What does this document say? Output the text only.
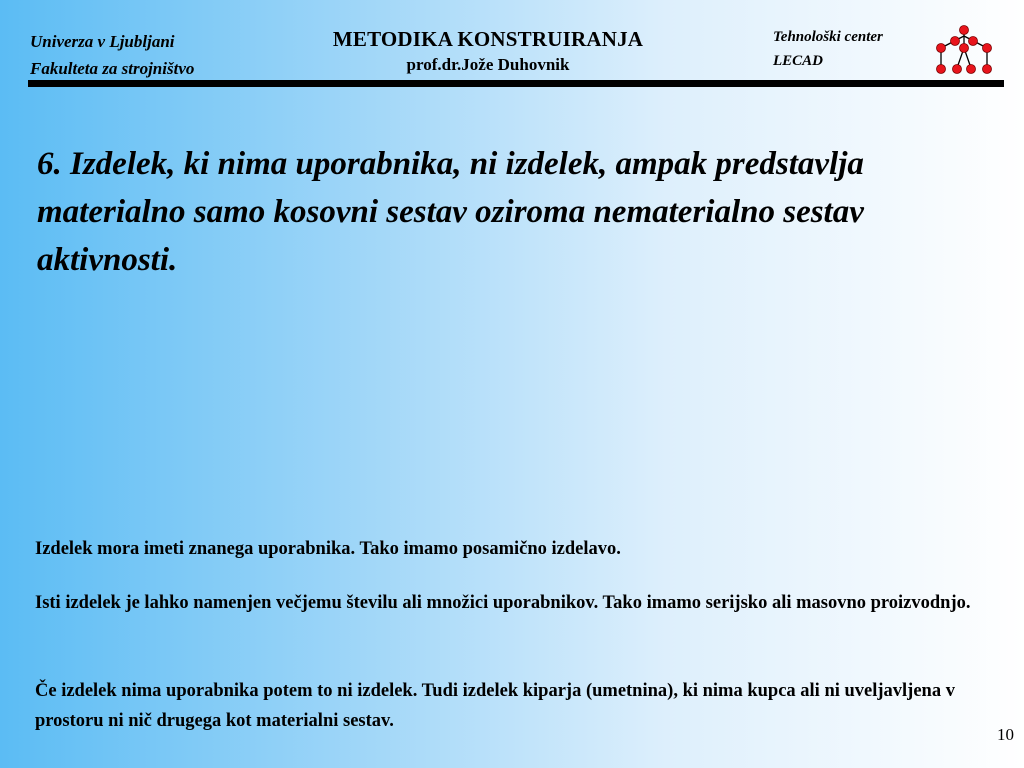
Univerza v Ljubljani
Fakulteta za strojništvo
METODIKA KONSTRUIRANJA
prof.dr.Jože Duhovnik
Tehnološki center
LECAD
6. Izdelek, ki nima uporabnika, ni izdelek, ampak predstavlja materialno samo kosovni sestav oziroma nematerialno sestav aktivnosti.
Izdelek mora imeti znanega uporabnika. Tako imamo posamično izdelavo.
Isti izdelek je lahko namenjen večjemu številu ali množici uporabnikov. Tako imamo serijsko ali masovno proizvodnjo.
Če izdelek nima uporabnika potem to ni izdelek. Tudi izdelek kiparja (umetnina), ki nima kupca ali ni uveljavljena v prostoru ni nič drugega kot materialni sestav.
10
